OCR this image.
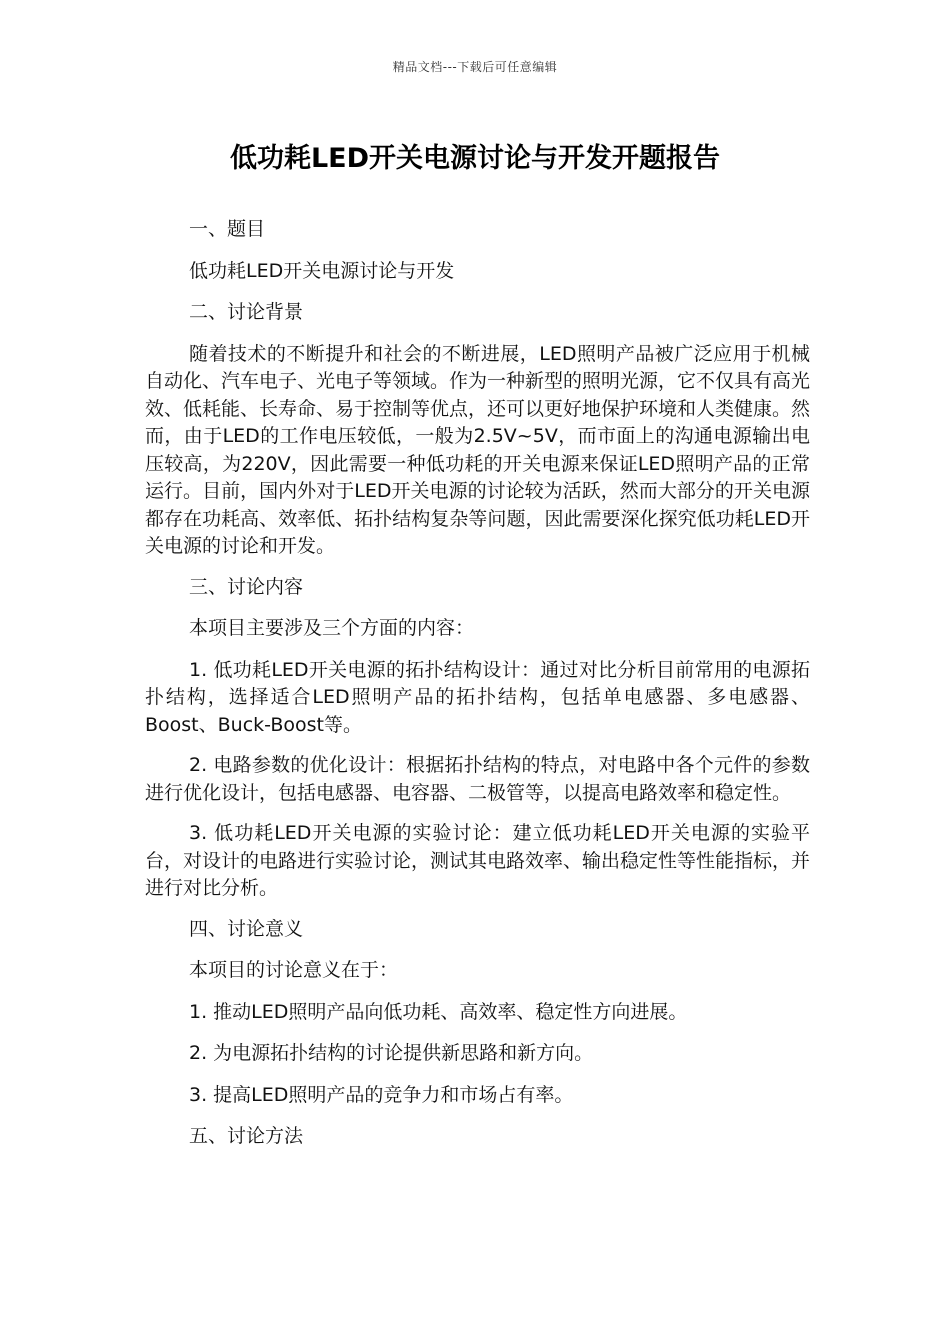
精品文档---下载后可任意编辑
低功耗LED开关电源讨论与开发开题报告

一、题目

低功耗LED开关电源讨论与开发

二、讨论背景

随着技术的不断提升和社会的不断进展，LED照明产品被广泛应用于机械自动化、汽车电子、光电子等领域。作为一种新型的照明光源，它不仅具有高光效、低耗能、长寿命、易于控制等优点，还可以更好地保护环境和人类健康。然而，由于LED的工作电压较低，一般为2.5V~5V，而市面上的沟通电源输出电压较高，为220V，因此需要一种低功耗的开关电源来保证LED照明产品的正常运行。目前，国内外对于LED开关电源的讨论较为活跃，然而大部分的开关电源都存在功耗高、效率低、拓扑结构复杂等问题，因此需要深化探究低功耗LED开关电源的讨论和开发。

三、讨论内容

本项目主要涉及三个方面的内容：

1. 低功耗LED开关电源的拓扑结构设计：通过对比分析目前常用的电源拓扑结构，选择适合LED照明产品的拓扑结构，包括单电感器、多电感器、Boost、Buck-Boost等。

2. 电路参数的优化设计：根据拓扑结构的特点，对电路中各个元件的参数进行优化设计，包括电感器、电容器、二极管等，以提高电路效率和稳定性。

3. 低功耗LED开关电源的实验讨论：建立低功耗LED开关电源的实验平台，对设计的电路进行实验讨论，测试其电路效率、输出稳定性等性能指标，并进行对比分析。

四、讨论意义

本项目的讨论意义在于：

1. 推动LED照明产品向低功耗、高效率、稳定性方向进展。

2. 为电源拓扑结构的讨论提供新思路和新方向。

3. 提高LED照明产品的竞争力和市场占有率。

五、讨论方法
